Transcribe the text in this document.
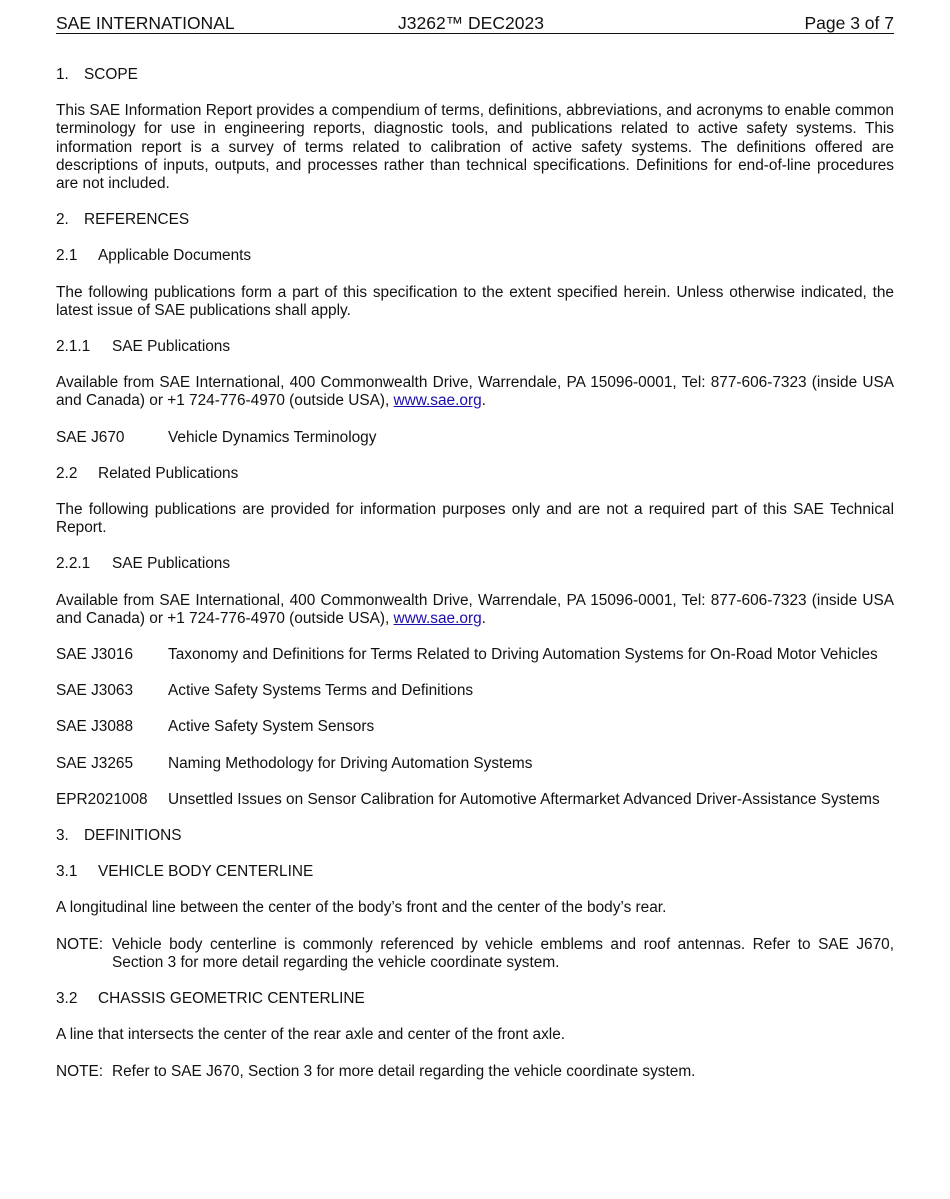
SAE INTERNATIONAL	J3262™ DEC2023	Page 3 of 7

1. SCOPE

This SAE Information Report provides a compendium of terms, definitions, abbreviations, and acronyms to enable common terminology for use in engineering reports, diagnostic tools, and publications related to active safety systems. This information report is a survey of terms related to calibration of active safety systems. The definitions offered are descriptions of inputs, outputs, and processes rather than technical specifications. Definitions for end-of-line procedures are not included.

2. REFERENCES

2.1 Applicable Documents

The following publications form a part of this specification to the extent specified herein. Unless otherwise indicated, the latest issue of SAE publications shall apply.

2.1.1 SAE Publications

Available from SAE International, 400 Commonwealth Drive, Warrendale, PA 15096-0001, Tel: 877-606-7323 (inside USA and Canada) or +1 724-776-4970 (outside USA), www.sae.org.

SAE J670	Vehicle Dynamics Terminology

2.2 Related Publications

The following publications are provided for information purposes only and are not a required part of this SAE Technical Report.

2.2.1 SAE Publications

Available from SAE International, 400 Commonwealth Drive, Warrendale, PA 15096-0001, Tel: 877-606-7323 (inside USA and Canada) or +1 724-776-4970 (outside USA), www.sae.org.

SAE J3016	Taxonomy and Definitions for Terms Related to Driving Automation Systems for On-Road Motor Vehicles
SAE J3063	Active Safety Systems Terms and Definitions
SAE J3088	Active Safety System Sensors
SAE J3265	Naming Methodology for Driving Automation Systems
EPR2021008	Unsettled Issues on Sensor Calibration for Automotive Aftermarket Advanced Driver-Assistance Systems

3. DEFINITIONS

3.1 VEHICLE BODY CENTERLINE

A longitudinal line between the center of the body’s front and the center of the body’s rear.

NOTE: Vehicle body centerline is commonly referenced by vehicle emblems and roof antennas. Refer to SAE J670, Section 3 for more detail regarding the vehicle coordinate system.

3.2 CHASSIS GEOMETRIC CENTERLINE

A line that intersects the center of the rear axle and center of the front axle.

NOTE: Refer to SAE J670, Section 3 for more detail regarding the vehicle coordinate system.
